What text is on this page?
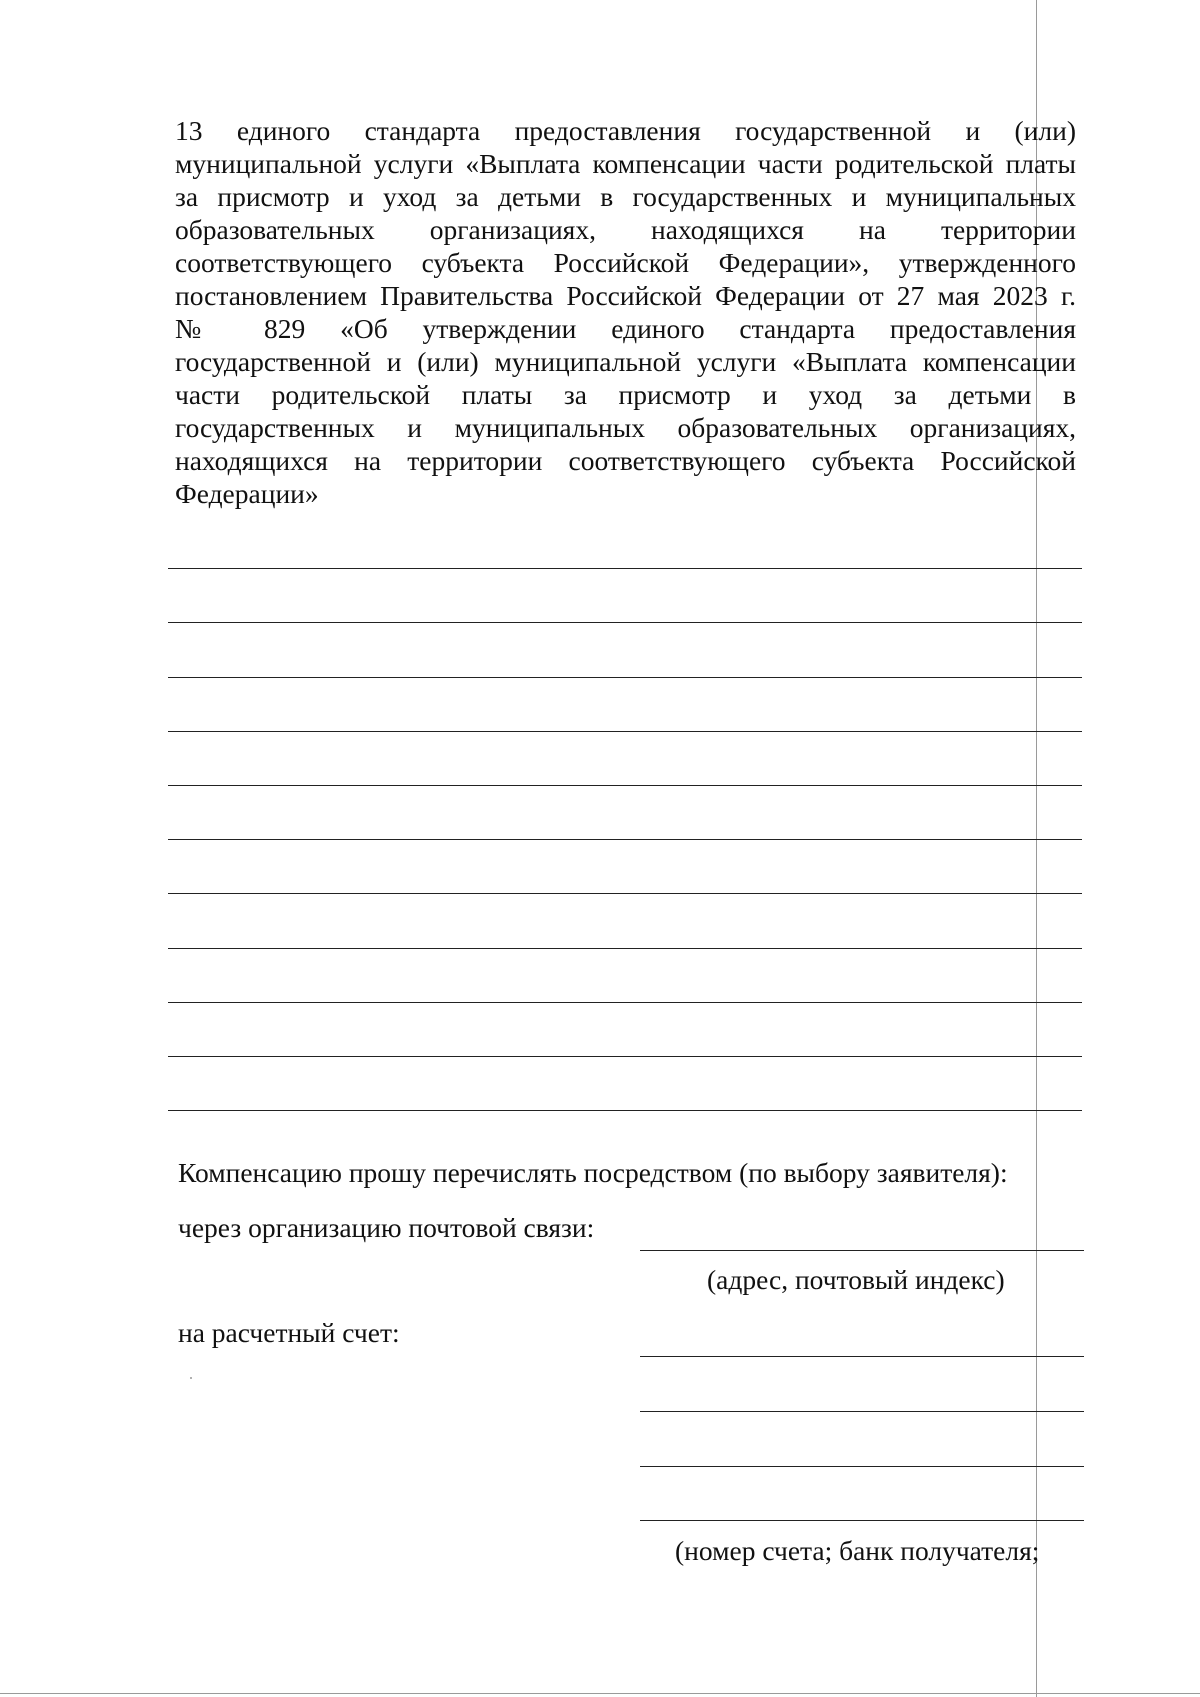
13 единого стандарта предоставления государственной и (или)
муниципальной услуги «Выплата компенсации части родительской платы
за присмотр и уход за детьми в государственных и муниципальных
образовательных организациях, находящихся на территории
соответствующего субъекта Российской Федерации», утвержденного
постановлением Правительства Российской Федерации от 27 мая 2023 г.
№ 829 «Об утверждении единого стандарта предоставления
государственной и (или) муниципальной услуги «Выплата компенсации
части родительской платы за присмотр и уход за детьми в
государственных и муниципальных образовательных организациях,
находящихся на территории соответствующего субъекта Российской
Федерации»
Компенсацию прошу перечислять посредством (по выбору заявителя):
через организацию почтовой связи:
(адрес, почтовый индекс)
на расчетный счет:
(номер счета; банк получателя;
